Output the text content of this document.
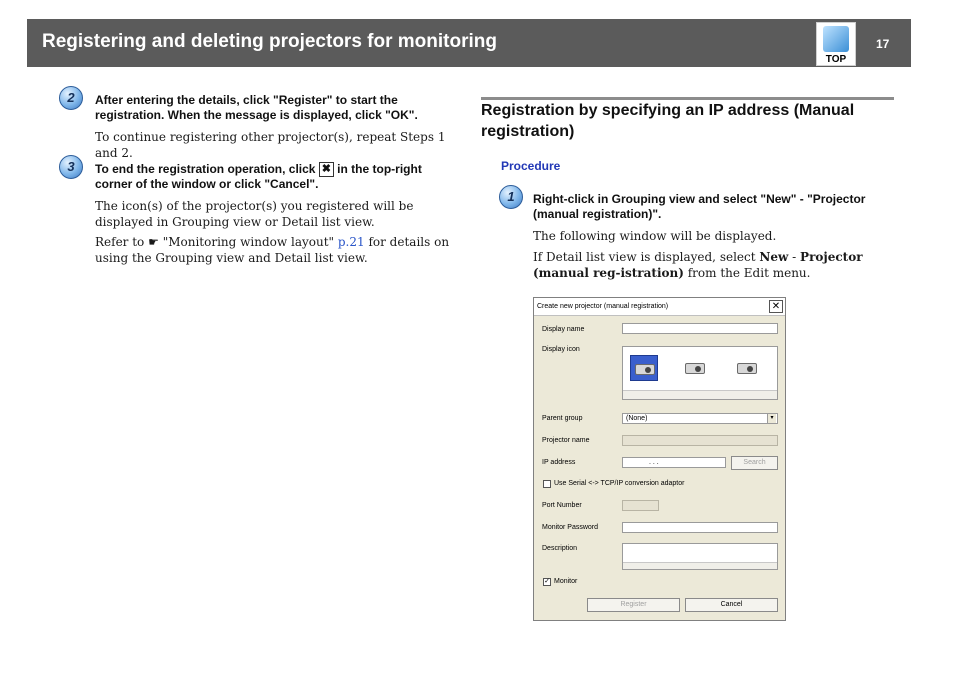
Registering and deleting projectors for monitoring
TOP
17
2	After entering the details, click "Register" to start the registration. When the message is displayed, click "OK".
To continue registering other projector(s), repeat Steps 1 and 2.
3	To end the registration operation, click ✖ in the top-right corner of the window or click "Cancel".
The icon(s) of the projector(s) you registered will be displayed in Grouping view or Detail list view.
Refer to ☛ "Monitoring window layout" p.21 for details on using the Grouping view and Detail list view.
Registration by specifying an IP address (Manual registration)
Procedure
1	Right-click in Grouping view and select "New" - "Projector (manual registration)".
The following window will be displayed.
If Detail list view is displayed, select New - Projector (manual reg-istration) from the Edit menu.
Create new projector (manual registration)	✕
Display name
Display icon
Parent group	(None)	▾
Projector name
IP address	. . .	Search
Use Serial <-> TCP/IP conversion adaptor
Port Number
Monitor Password
Description
✓ Monitor
Register	Cancel
